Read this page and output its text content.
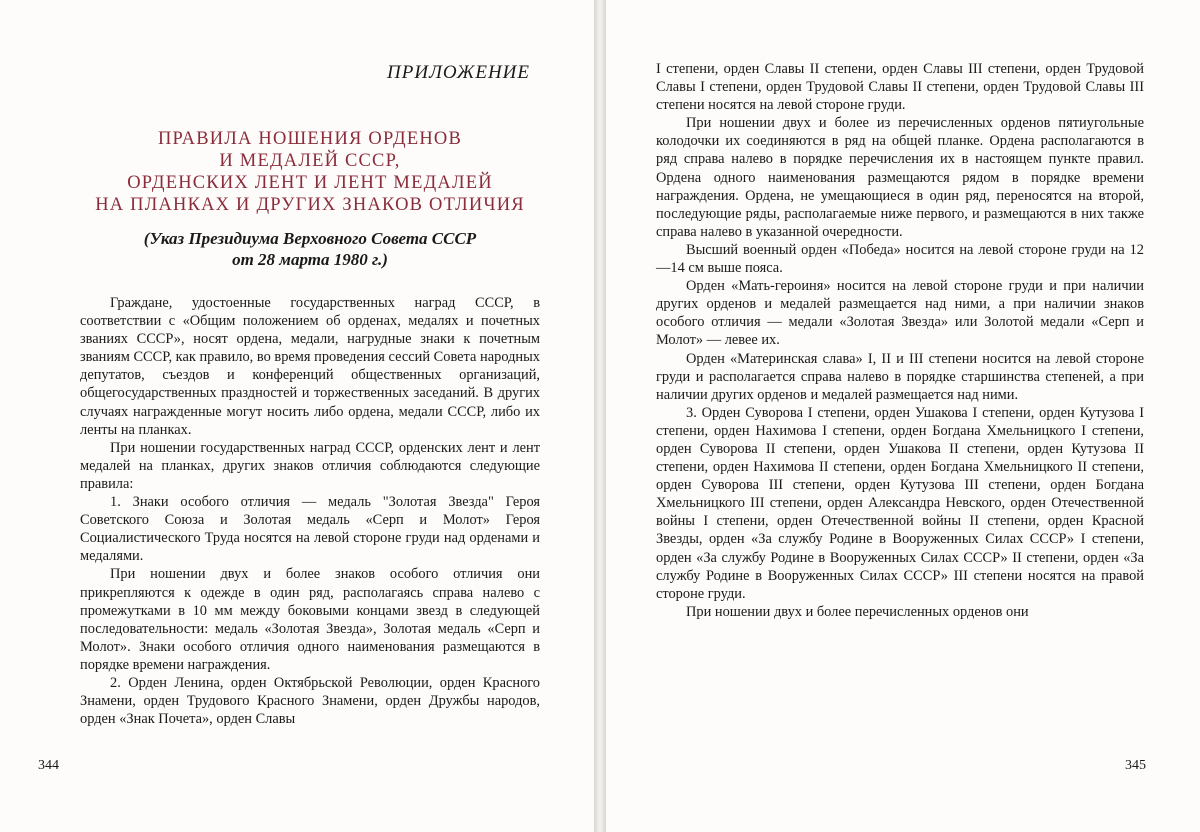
ПРИЛОЖЕНИЕ
ПРАВИЛА НОШЕНИЯ ОРДЕНОВ
И МЕДАЛЕЙ СССР,
ОРДЕНСКИХ ЛЕНТ И ЛЕНТ МЕДАЛЕЙ
НА ПЛАНКАХ И ДРУГИХ ЗНАКОВ ОТЛИЧИЯ
(Указ Президиума Верховного Совета СССР
от 28 марта 1980 г.)

Граждане, удостоенные государственных наград СССР, в соответствии с «Общим положением об орденах, медалях и почетных званиях СССР», носят ордена, медали, нагрудные знаки к почетным званиям СССР, как правило, во время проведения сессий Совета народных депутатов, съездов и конференций общественных организаций, общегосударственных праздностей и торжественных заседаний. В других случаях награжденные могут носить либо ордена, медали СССР, либо их ленты на планках.

При ношении государственных наград СССР, орденских лент и лент медалей на планках, других знаков отличия соблюдаются следующие правила:

1. Знаки особого отличия — медаль "Золотая Звезда" Героя Советского Союза и Золотая медаль «Серп и Молот» Героя Социалистического Труда носятся на левой стороне груди над орденами и медалями.

При ношении двух и более знаков особого отличия они прикрепляются к одежде в один ряд, располагаясь справа налево с промежутками в 10 мм между боковыми концами звезд в следующей последовательности: медаль «Золотая Звезда», Золотая медаль «Серп и Молот». Знаки особого отличия одного наименования размещаются в порядке времени награждения.

2. Орден Ленина, орден Октябрьской Революции, орден Красного Знамени, орден Трудового Красного Знамени, орден Дружбы народов, орден «Знак Почета», орден Славы

344

I степени, орден Славы II степени, орден Славы III степени, орден Трудовой Славы I степени, орден Трудовой Славы II степени, орден Трудовой Славы III степени носятся на левой стороне груди.

При ношении двух и более из перечисленных орденов пятиугольные колодочки их соединяются в ряд на общей планке. Ордена располагаются в ряд справа налево в порядке перечисления их в настоящем пункте правил. Ордена одного наименования размещаются рядом в порядке времени награждения. Ордена, не умещающиеся в один ряд, переносятся на второй, последующие ряды, располагаемые ниже первого, и размещаются в них также справа налево в указанной очередности.

Высший военный орден «Победа» носится на левой стороне груди на 12—14 см выше пояса.

Орден «Мать-героиня» носится на левой стороне груди и при наличии других орденов и медалей размещается над ними, а при наличии знаков особого отличия — медали «Золотая Звезда» или Золотой медали «Серп и Молот» — левее их.

Орден «Материнская слава» I, II и III степени носится на левой стороне груди и располагается справа налево в порядке старшинства степеней, а при наличии других орденов и медалей размещается над ними.

3. Орден Суворова I степени, орден Ушакова I степени, орден Кутузова I степени, орден Нахимова I степени, орден Богдана Хмельницкого I степени, орден Суворова II степени, орден Ушакова II степени, орден Кутузова II степени, орден Нахимова II степени, орден Богдана Хмельницкого II степени, орден Суворова III степени, орден Кутузова III степени, орден Богдана Хмельницкого III степени, орден Александра Невского, орден Отечественной войны I степени, орден Отечественной войны II степени, орден Красной Звезды, орден «За службу Родине в Вооруженных Силах СССР» I степени, орден «За службу Родине в Вооруженных Силах СССР» II степени, орден «За службу Родине в Вооруженных Силах СССР» III степени носятся на правой стороне груди.

При ношении двух и более перечисленных орденов они

345
